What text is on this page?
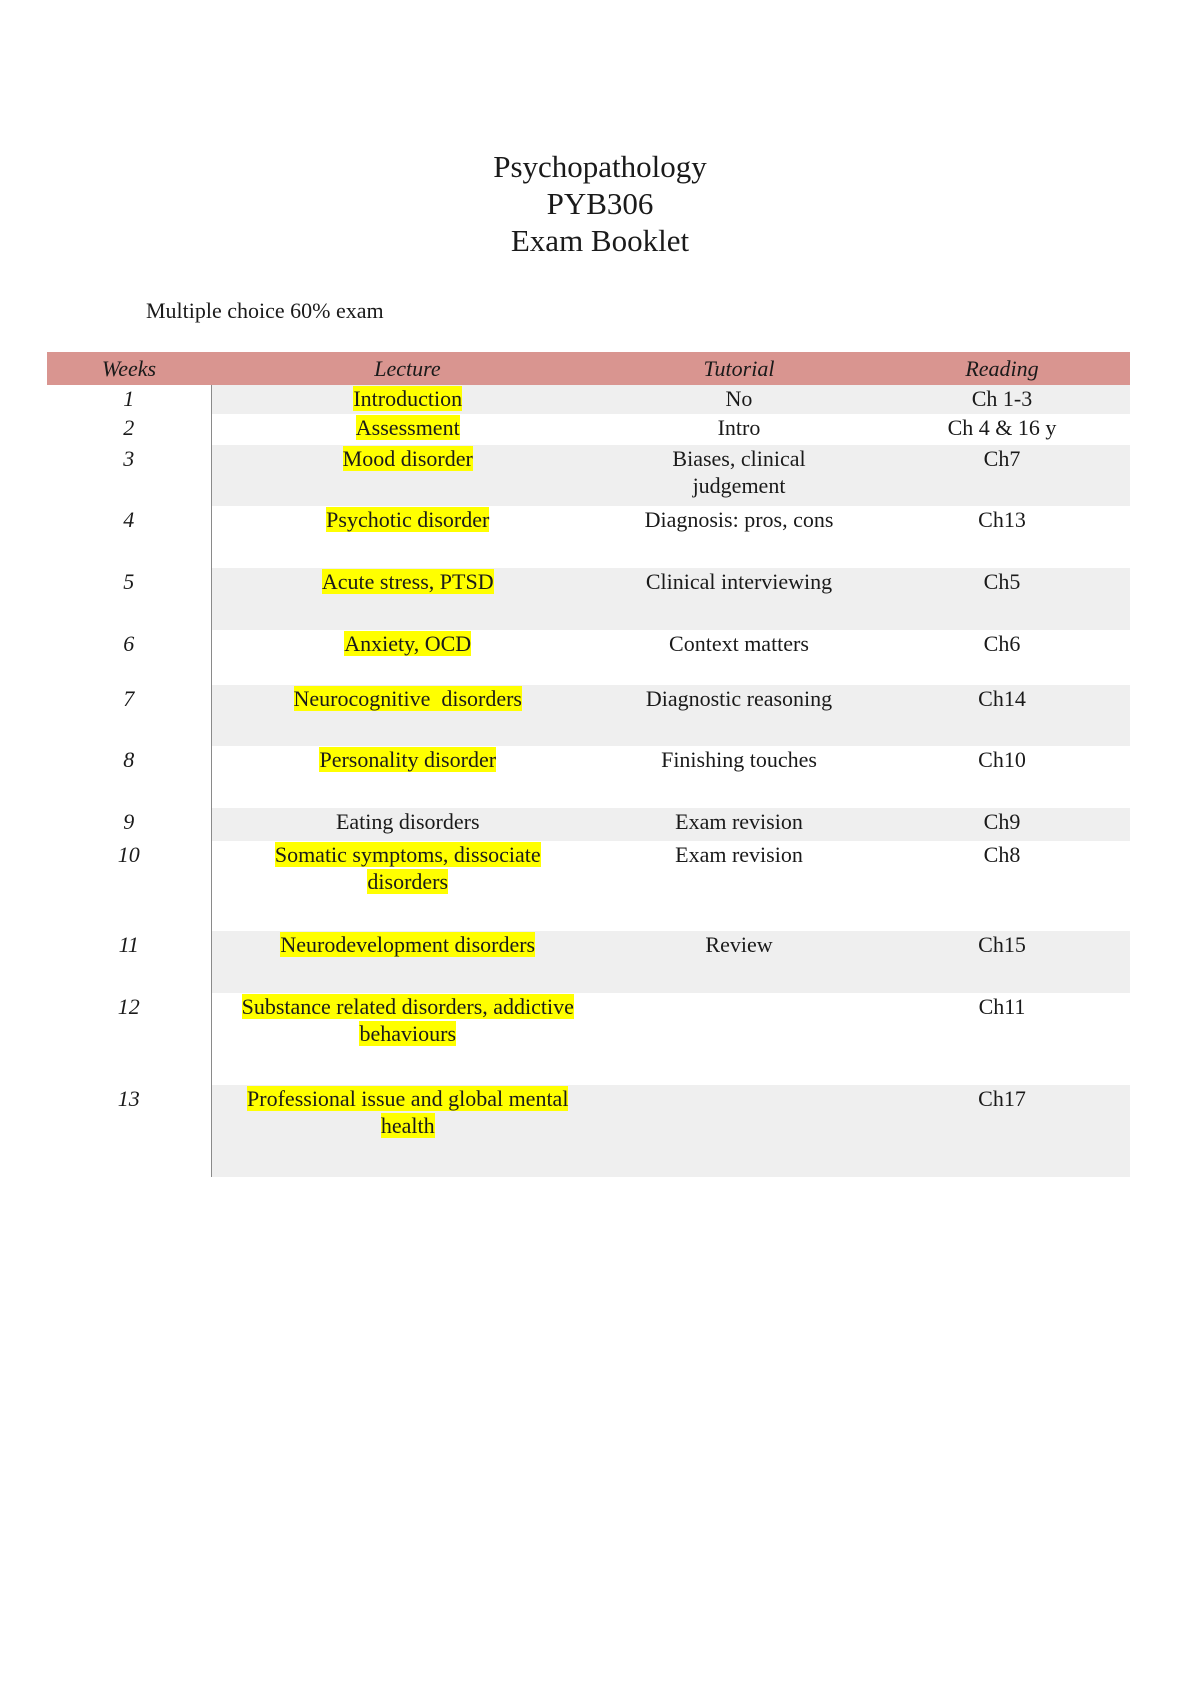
Psychopathology
PYB306
Exam Booklet
Multiple choice 60% exam
Weeks	Lecture	Tutorial	Reading
1	Introduction	No	Ch 1-3
2	Assessment	Intro	Ch 4 & 16 y
3	Mood disorder	Biases, clinical judgement	Ch7
4	Psychotic disorder	Diagnosis: pros, cons	Ch13
5	Acute stress, PTSD	Clinical interviewing	Ch5
6	Anxiety, OCD	Context matters	Ch6
7	Neurocognitive  disorders	Diagnostic reasoning	Ch14
8	Personality disorder	Finishing touches	Ch10
9	Eating disorders	Exam revision	Ch9
10	Somatic symptoms, dissociate disorders	Exam revision	Ch8
11	Neurodevelopment disorders	Review	Ch15
12	Substance related disorders, addictive behaviours		Ch11
13	Professional issue and global mental health		Ch17
